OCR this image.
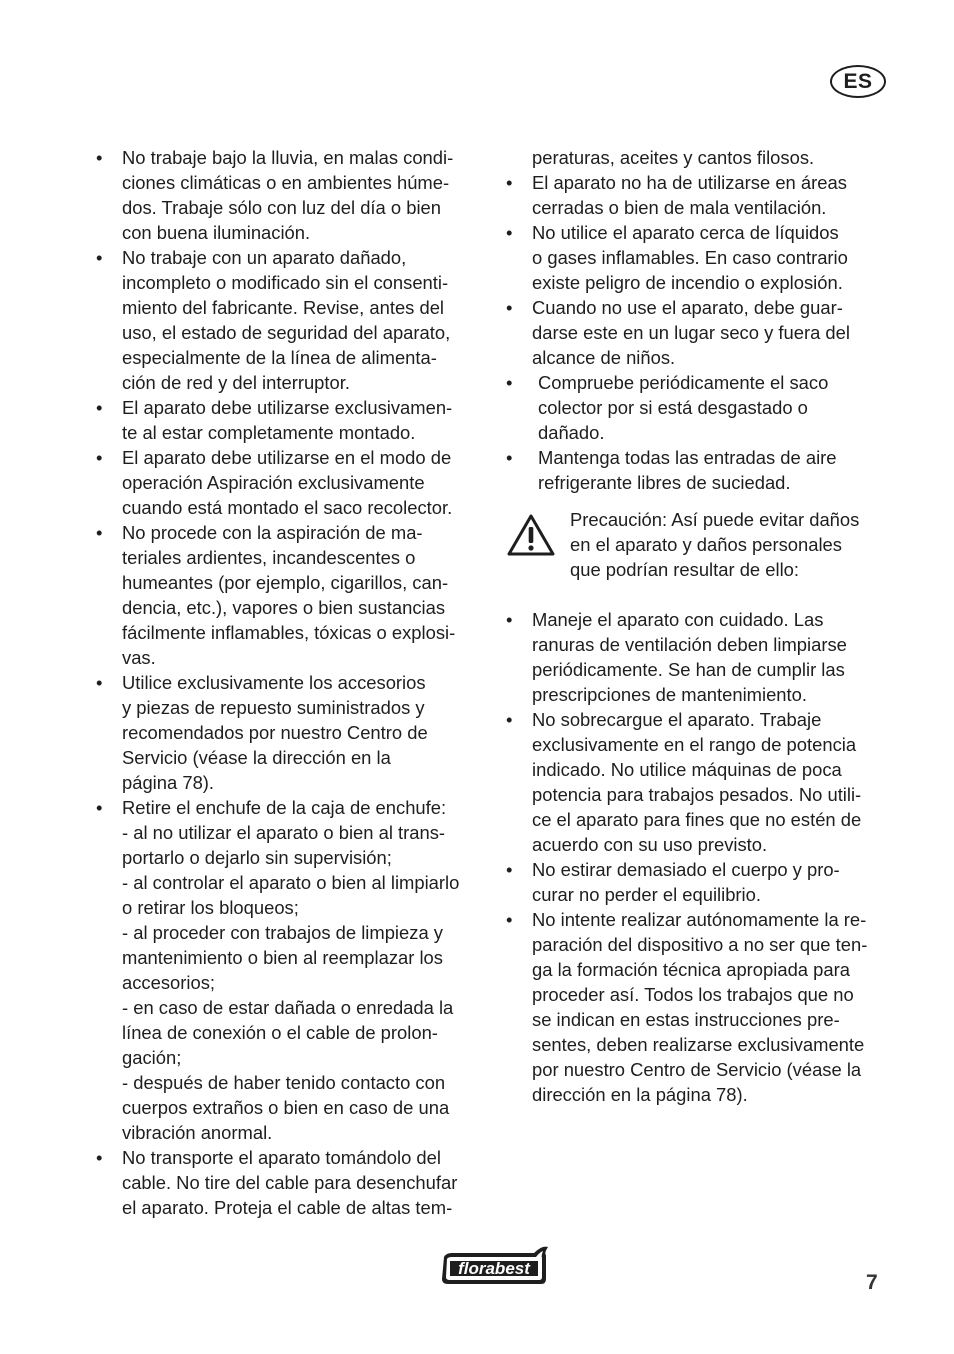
ES
•	No trabaje bajo la lluvia, en malas condi-
ciones climáticas o en ambientes húme-
dos. Trabaje sólo con luz del día o bien
con buena iluminación.
•	No trabaje con un aparato dañado,
incompleto o modificado sin el consenti-
miento del fabricante. Revise, antes del
uso, el estado de seguridad del aparato,
especialmente de la línea de alimenta-
ción de red y del interruptor.
•	El aparato debe utilizarse exclusivamen-
te al estar completamente montado.
•	El aparato debe utilizarse en el modo de
operación Aspiración exclusivamente
cuando está montado el saco recolector.
•	No procede con la aspiración de ma-
teriales ardientes, incandescentes o
humeantes (por ejemplo, cigarillos, can-
dencia, etc.), vapores o bien sustancias
fácilmente inflamables, tóxicas o explosi-
vas.
•	Utilice exclusivamente los accesorios
y piezas de repuesto suministrados y
recomendados por nuestro Centro de
Servicio (véase la dirección en la
página 78).
•	Retire el enchufe de la caja de enchufe:
- al no utilizar el aparato o bien al trans-
portarlo o dejarlo sin supervisión;
- al controlar el aparato o bien al limpiarlo
o retirar los bloqueos;
- al proceder con trabajos de limpieza y
mantenimiento o bien al reemplazar los
accesorios;
- en caso de estar dañada o enredada la
línea de conexión o el cable de prolon-
gación;
- después de haber tenido contacto con
cuerpos extraños o bien en caso de una
vibración anormal.
•	No transporte el aparato tomándolo del
cable. No tire del cable para desenchufar
el aparato. Proteja el cable de altas tem-
peraturas, aceites y cantos filosos.
•	El aparato no ha de utilizarse en áreas
cerradas o bien de mala ventilación.
•	No utilice el aparato cerca de líquidos
o gases inflamables. En caso contrario
existe peligro de incendio o explosión.
•	Cuando no use el aparato, debe guar-
darse este en un lugar seco y fuera del
alcance de niños.
•	Compruebe periódicamente el saco
colector por si está desgastado o
dañado.
•	Mantenga todas las entradas de aire
refrigerante libres de suciedad.
Precaución: Así puede evitar daños
en el aparato y daños personales
que podrían resultar de ello:
•	Maneje el aparato con cuidado. Las
ranuras de ventilación deben limpiarse
periódicamente. Se han de cumplir las
prescripciones de mantenimiento.
•	No sobrecargue el aparato. Trabaje
exclusivamente en el rango de potencia
indicado. No utilice máquinas de poca
potencia para trabajos pesados. No utili-
ce el aparato para fines que no estén de
acuerdo con su uso previsto.
•	No estirar demasiado el cuerpo y pro-
curar no perder el equilibrio.
•	No intente realizar autónomamente la re-
paración del dispositivo a no ser que ten-
ga la formación técnica apropiada para
proceder así. Todos los trabajos que no
se indican en estas instrucciones pre-
sentes, deben realizarse exclusivamente
por nuestro Centro de Servicio (véase la
dirección en la página 78).
florabest
7
